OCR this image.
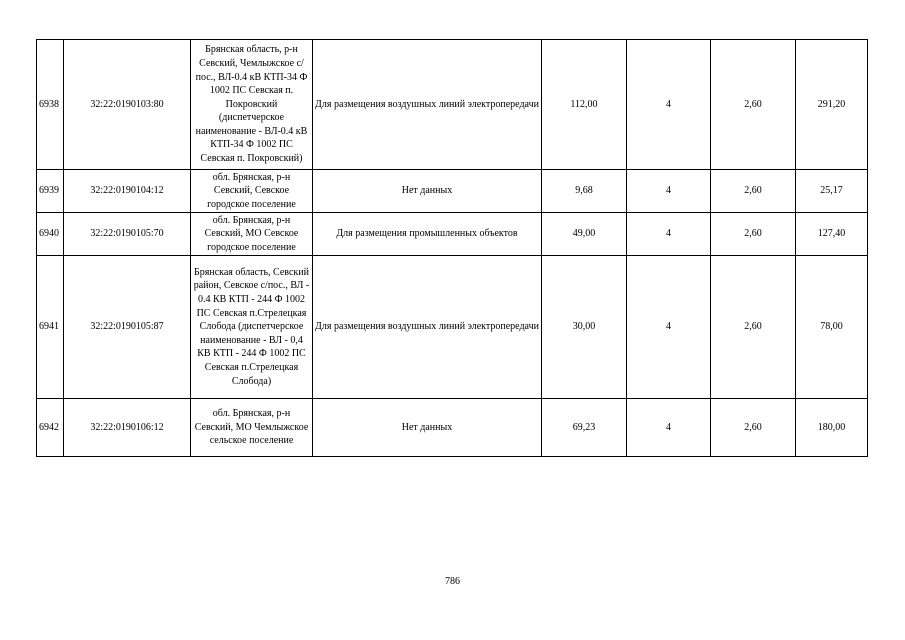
6938	32:22:0190103:80	Брянская область, р-н Севский, Чемлыжское с/пос., ВЛ-0.4 кВ КТП-34 Ф 1002 ПС Севская п. Покровский (диспетчерское наименование - ВЛ-0.4 кВ КТП-34 Ф 1002 ПС Севская п. Покровский)	Для размещения воздушных линий электропередачи	112,00	4	2,60	291,20
6939	32:22:0190104:12	обл. Брянская, р-н Севский, Севское городское поселение	Нет данных	9,68	4	2,60	25,17
6940	32:22:0190105:70	обл. Брянская, р-н Севский, МО Севское городское поселение	Для размещения промышленных объектов	49,00	4	2,60	127,40
6941	32:22:0190105:87	Брянская область, Севский район, Севское с/пос., ВЛ - 0.4 КВ КТП - 244 Ф 1002 ПС Севская п.Стрелецкая Слобода (диспетчерское наименование - ВЛ - 0,4 КВ КТП - 244 Ф 1002 ПС Севская п.Стрелецкая Слобода)	Для размещения воздушных линий электропередачи	30,00	4	2,60	78,00
6942	32:22:0190106:12	обл. Брянская, р-н Севский, МО Чемлыжское сельское поселение	Нет данных	69,23	4	2,60	180,00
786
